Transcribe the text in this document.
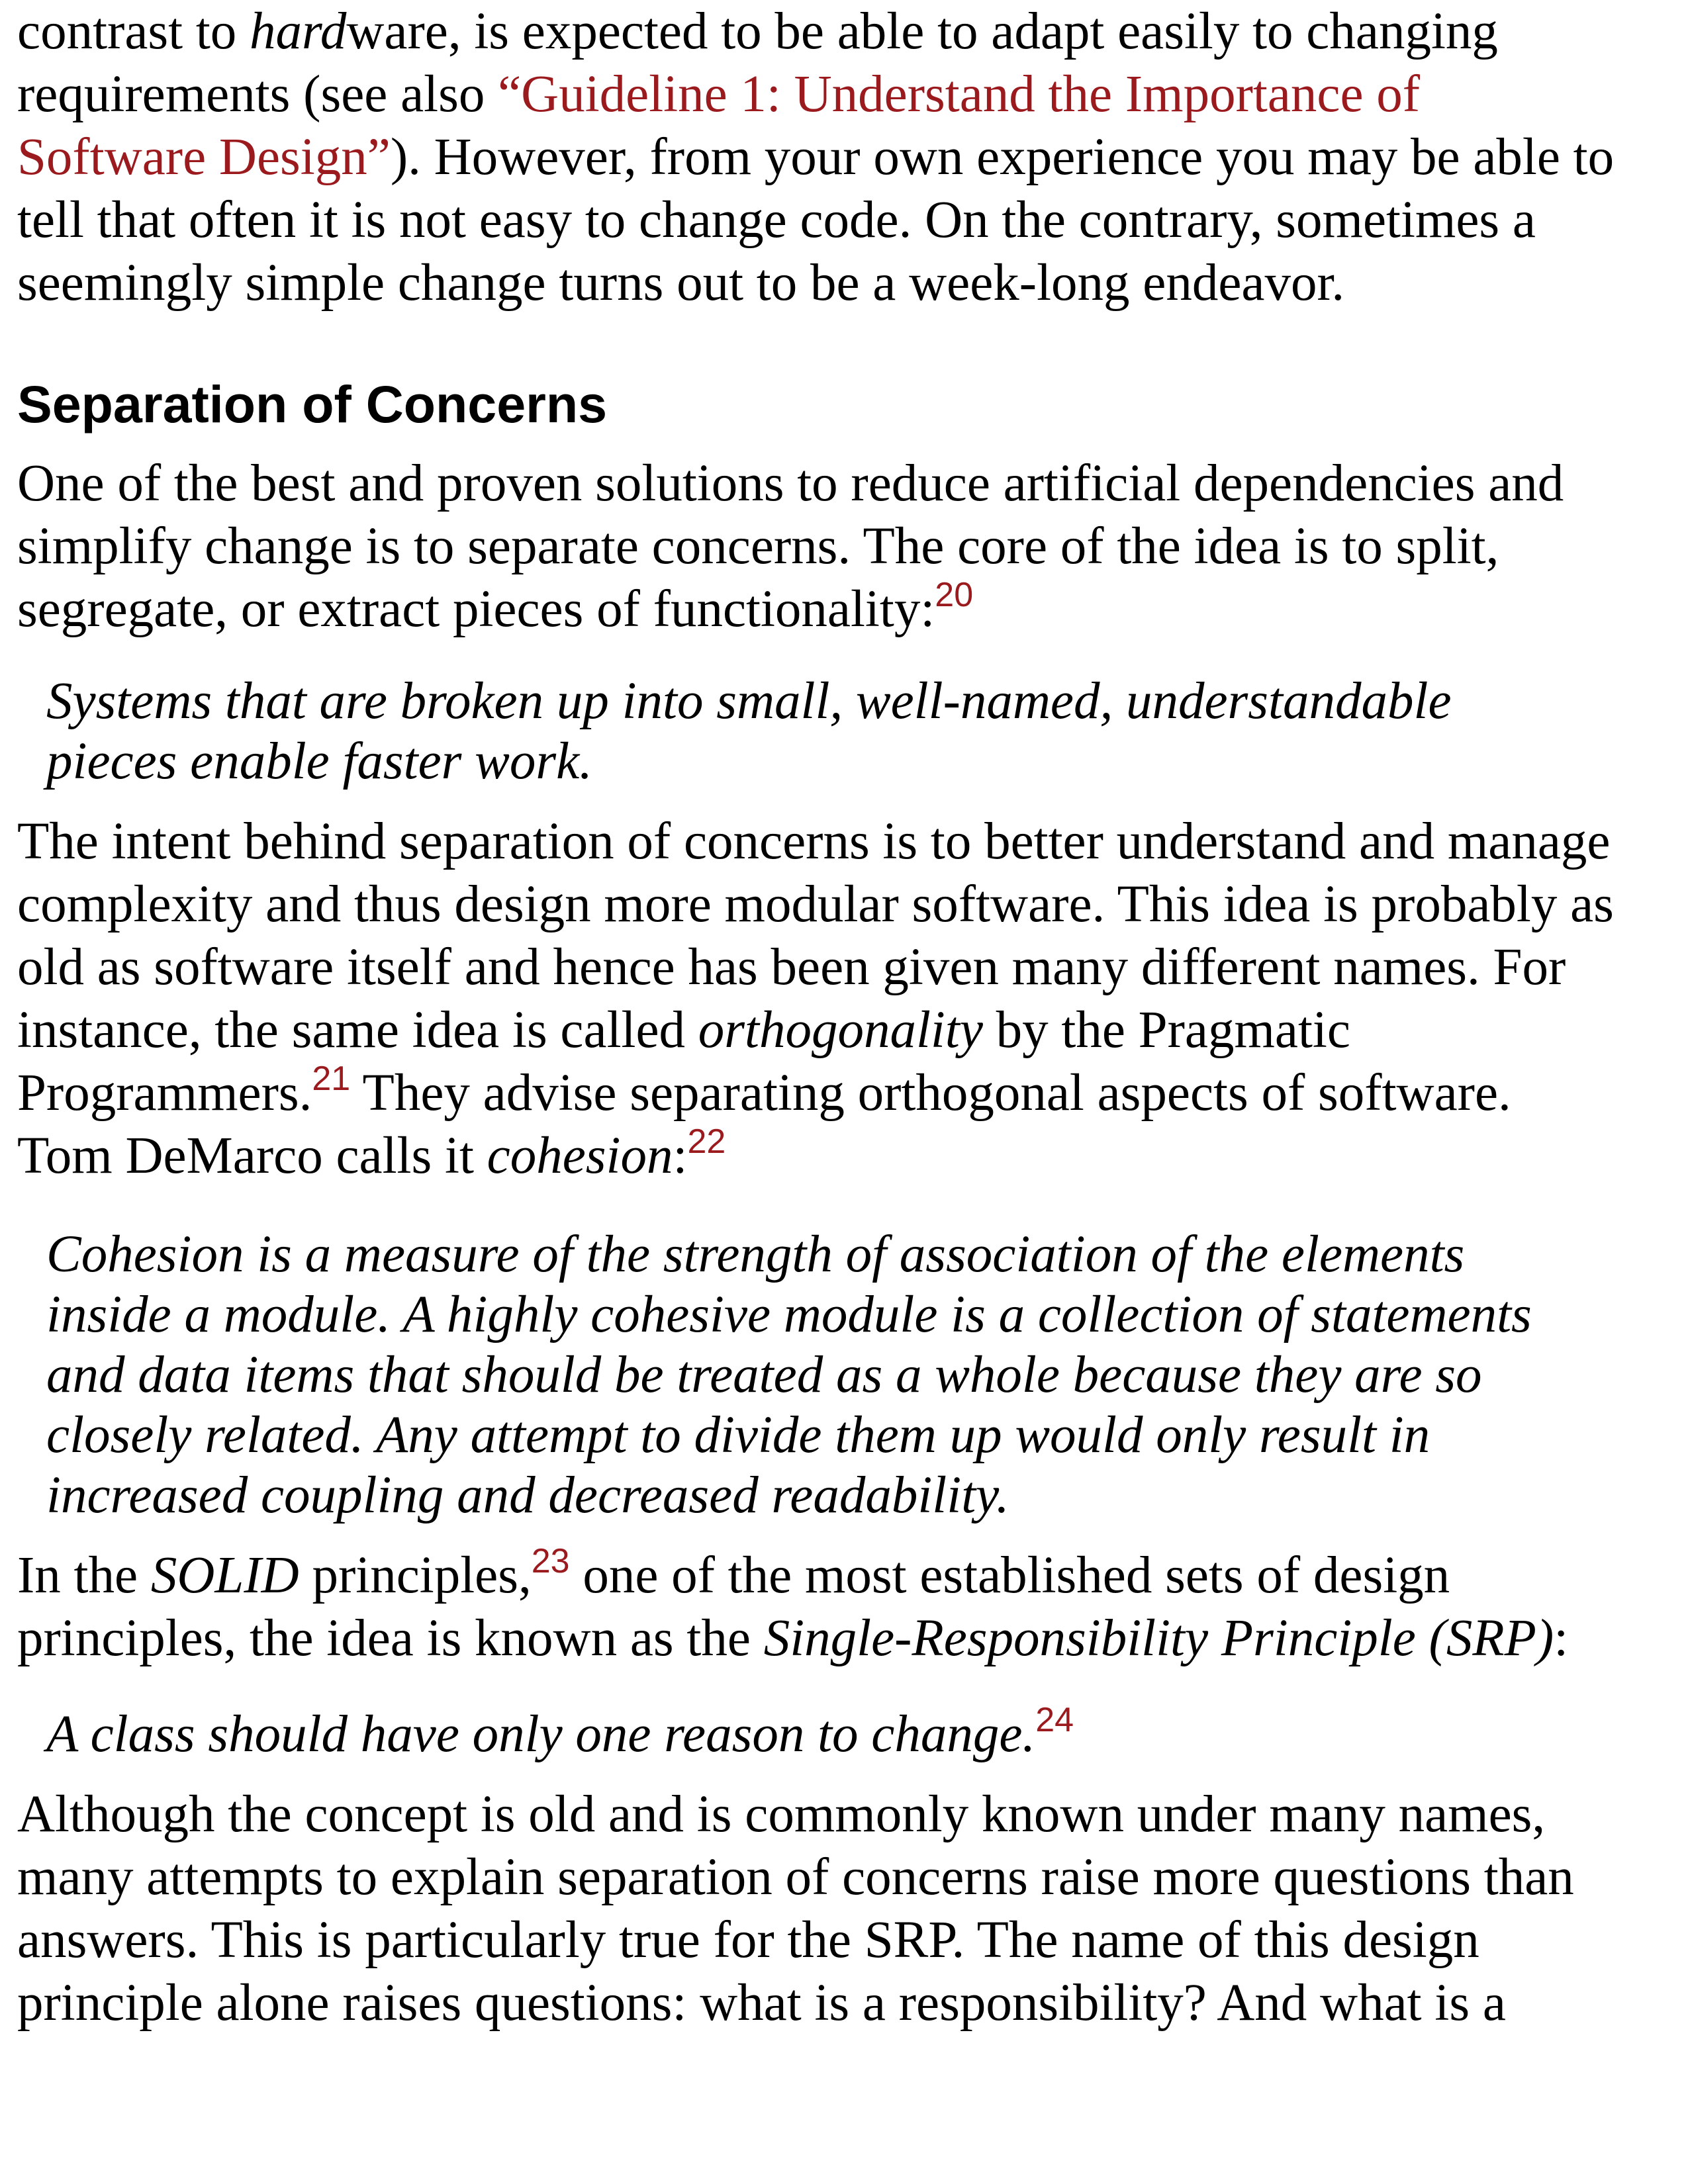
contrast to hardware, is expected to be able to adapt easily to changing

requirements (see also “Guideline 1: Understand the Importance of

Software Design”). However, from your own experience you may be able to

tell that often it is not easy to change code. On the contrary, sometimes a

seemingly simple change turns out to be a week-long endeavor.

Separation of Concerns

One of the best and proven solutions to reduce artificial dependencies and

simplify change is to separate concerns. The core of the idea is to split,

segregate, or extract pieces of functionality:$^{20}$

Systems that are broken up into small, well-named, understandable

pieces enable faster work.

The intent behind separation of concerns is to better understand and manage

complexity and thus design more modular software. This idea is probably as

old as software itself and hence has been given many different names. For

instance, the same idea is called orthogonality by the Pragmatic

Programmers.$^{21}$ They advise separating orthogonal aspects of software.

Tom DeMarco calls it cohesion:$^{22}$

Cohesion is a measure of the strength of association of the elements

inside a module. A highly cohesive module is a collection of statements

and data items that should be treated as a whole because they are so

closely related. Any attempt to divide them up would only result in

increased coupling and decreased readability.

In the SOLID principles,$^{23}$ one of the most established sets of design

principles, the idea is known as the Single-Responsibility Principle (SRP):

A class should have only one reason to change.$^{24}$

Although the concept is old and is commonly known under many names,

many attempts to explain separation of concerns raise more questions than

answers. This is particularly true for the SRP. The name of this design

principle alone raises questions: what is a responsibility? And what is a
